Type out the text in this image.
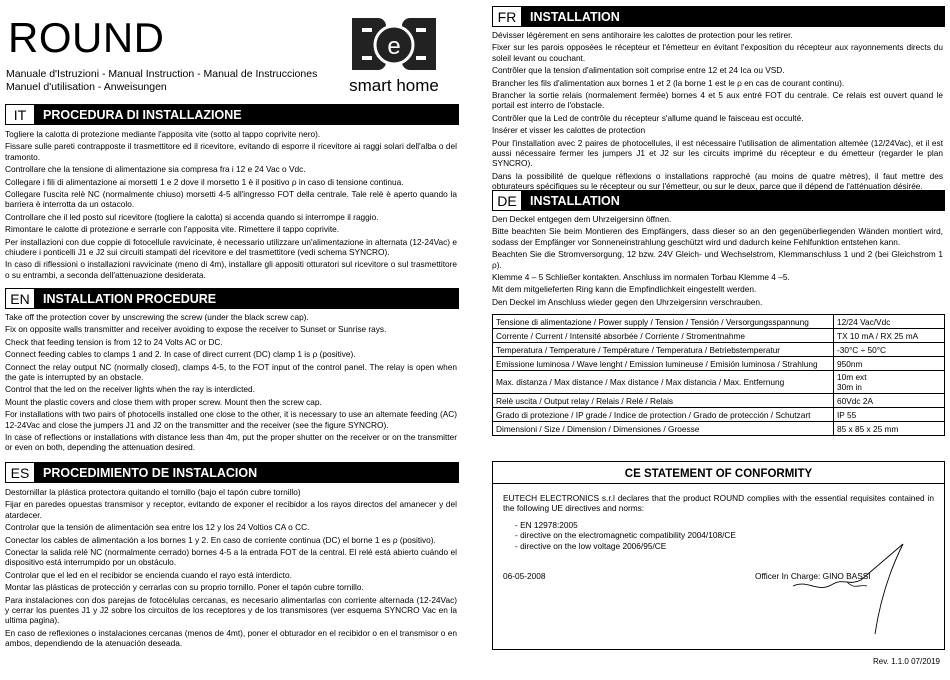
ROUND
Manuale d'Istruzioni - Manual Instruction - Manual de Instrucciones
Manuel d'utilisation - Anweisungen
e
smart home
IT	PROCEDURA DI INSTALLAZIONE

Togliere la calotta di protezione mediante l'apposita vite (sotto al tappo coprivite nero).

Fissare sulle pareti contrapposte il trasmettitore ed il ricevitore, evitando di esporre il ricevitore ai raggi solari dell'alba o del tramonto.

Controllare che la tensione di alimentazione sia compresa fra i 12 e 24 Vac o Vdc.

Collegare i fili di alimentazione ai morsetti 1 e 2 dove il morsetto 1 è il positivo ρ in caso di tensione continua.

Collegare l'uscita relè NC (normalmente chiuso) morsetti 4-5 all'ingresso FOT della centrale. Tale relè è aperto quando la barriera è interrotta da un ostacolo.

Controllare che il led posto sul ricevitore (togliere la calotta) si accenda quando si interrompe il raggio.

Rimontare le calotte di protezione e serrarle con l'apposita vite. Rimettere il tappo coprivite.

Per installazioni con due coppie di fotocellule ravvicinate, è necessario utilizzare un'alimentazione in alternata (12-24Vac) e chiudere i ponticelli J1 e J2 sui circuiti stampati del ricevitore e del trasmettitore (vedi schema SYNCRO).

In caso di riflessioni o installazioni ravvicinate (meno di 4m), installare gli appositi otturatori sul ricevitore o sul trasmettitore o su entrambi, a seconda dell'attenuazione desiderata.

EN	INSTALLATION PROCEDURE

Take off the protection cover by unscrewing the screw (under the black screw cap).

Fix on opposite walls transmitter and receiver avoiding to expose the receiver to Sunset or Sunrise rays.

Check that feeding tension is from 12 to 24 Volts AC or DC.

Connect feeding cables to clamps 1 and 2. In case of direct current (DC) clamp 1 is ρ (positive).

Connect the relay output NC (normally closed), clamps 4-5, to the FOT input of the control panel. The relay is open when the gate is interrupted by an obstacle.

Control that the led on the receiver lights when the ray is interdicted.

Mount the plastic covers and close them with proper screw. Mount then the screw cap.

For installations with two pairs of photocells installed one close to the other, it is necessary to use an alternate feeding (AC) 12-24Vac and close the jumpers J1 and J2 on the transmitter and the receiver (see the figure SYNCRO).

In case of reflections or installations with distance less than 4m, put the proper shutter on the receiver or on the transmitter or even on both, depending the attenuation desired.

ES	PROCEDIMIENTO DE INSTALACION

Destornillar la plástica protectora quitando el tornillo (bajo el tapón cubre tornillo)

Fijar en paredes opuestas transmisor y receptor, evitando de exponer el recibidor a los rayos directos del amanecer y del atardecer.

Controlar que la tensión de alimentación sea entre los 12 y los 24 Voltios CA o CC.

Conectar los cables de alimentación a los bornes 1 y 2. En caso de corriente continua (DC) el borne 1 es ρ (positivo).

Conectar la salida relé NC (normalmente cerrado) bornes 4-5 a la entrada FOT de la central. El relé está abierto cuándo el dispositivo está interrumpido por un obstáculo.

Controlar que el led en el recibidor se encienda cuando el rayo está interdicto.

Montar las plásticas de protección y cerrarlas con su proprio tornillo. Poner el tapón cubre tornillo.

Para instalaciones con dos parejas de fotocélulas cercanas, es necesario alimentarlas con corriente alternada (12-24Vac) y cerrar los puentes J1 y J2 sobre los circuitos de los receptores y de los transmisores (ver esquema SYNCRO Vac en la ultima pagina).

En caso de reflexiones o instalaciones cercanas (menos de 4mt), poner el obturador en el recibidor o en el transmisor o en ambos, dependiendo de la atenuación deseada.

FR	INSTALLATION

Dévisser légèrement en sens antihoraire les calottes de protection pour les retirer.

Fixer sur les parois opposées le récepteur et l'émetteur en évitant l'exposition du récepteur aux rayonnements directs du soleil levant ou couchant.

Contrôler que la tension d'alimentation soit comprise entre 12 et 24 Ica ou VSD.

Brancher les fils d'alimentation aux bornes 1 et 2 (la borne 1 est le ρ en cas de courant continu).

Brancher la sortie relais (normalement fermée) bornes 4 et 5 aux entré FOT du centrale. Ce relais est ouvert quand le portail est interro de l'obstacle.

Contrôler que la Led de contrôle du récepteur s'allume quand le faisceau est occulté.

Insérer et visser les calottes de protection

Pour l'installation avec 2 paires de photocellules, il est nécessaire l'utilisation de alimentation altemée (12/24Vac), et il est aussi nécessaire fermer les jumpers J1 et J2 sur les circuits imprimé du récepteur e du émetteur (regarder le plan SYNCRO).

Dans la possibilité de quelque réflexions o installations rapproché (au moins de quatre mètres), il faut mettre des obturateurs spécifiques su le récepteur ou sur l'émetteur, ou sur le deux, parce que il dépend de l'atténuation désirée.

DE	INSTALLATION

Den Deckel entgegen dem Uhrzeigersinn öffnen.

Bitte beachten Sie beim Montieren des Empfängers, dass dieser so an den gegenüberliegenden Wänden montiert wird, sodass der Empfänger vor Sonneneinstrahlung geschützt wird und dadurch keine Fehlfunktion entstehen kann.

Beachten Sie die Stromversorgung, 12 bzw. 24V Gleich- und Wechselstrom, Klemmanschluss 1 und 2 (bei Gleichstrom 1 ρ).

Klemme 4 – 5 Schließer kontakten. Anschluss im normalen Torbau Klemme 4 –5.

Mit dem mitgelieferten Ring kann die Empfindlichkeit eingestellt werden.

Den Deckel im Anschluss wieder gegen den Uhrzeigersinn verschrauben.

Tensione di alimentazione / Power supply / Tension / Tensión / Versorgungsspannung	12/24 Vac/Vdc
Corrente / Current / Intensité absorbée / Corriente / Stromentnahme	TX 10 mA / RX 25 mA
Temperatura / Temperature / Température / Temperatura / Betriebstemperatur	-30°C ÷ 50°C
Emissione luminosa / Wave lenght / Emission lumineuse / Emisión luminosa / Strahlung	950nm
Max. distanza / Max distance / Max distance / Max distancia / Max. Entfernung	10m ext
30m in
Relè uscita / Output relay / Relais / Relé / Relais	60Vdc 2A
Grado di protezione / IP grade / Indice de protection / Grado de protección / Schutzart	IP 55
Dimensioni / Size / Dimension / Dimensiones / Groesse	85 x 85 x 25 mm
CE STATEMENT OF CONFORMITY
EUTECH ELECTRONICS s.r.l declares that the product ROUND complies with the essential requisites contained in the following UE directives and norms:
- EN 12978:2005
- directive on the electromagnetic compatibility 2004/108/CE
- directive on the low voltage 2006/95/CE
06-05-2008	Officer In Charge: GINO BASSI
Rev. 1.1.0 07/2019
